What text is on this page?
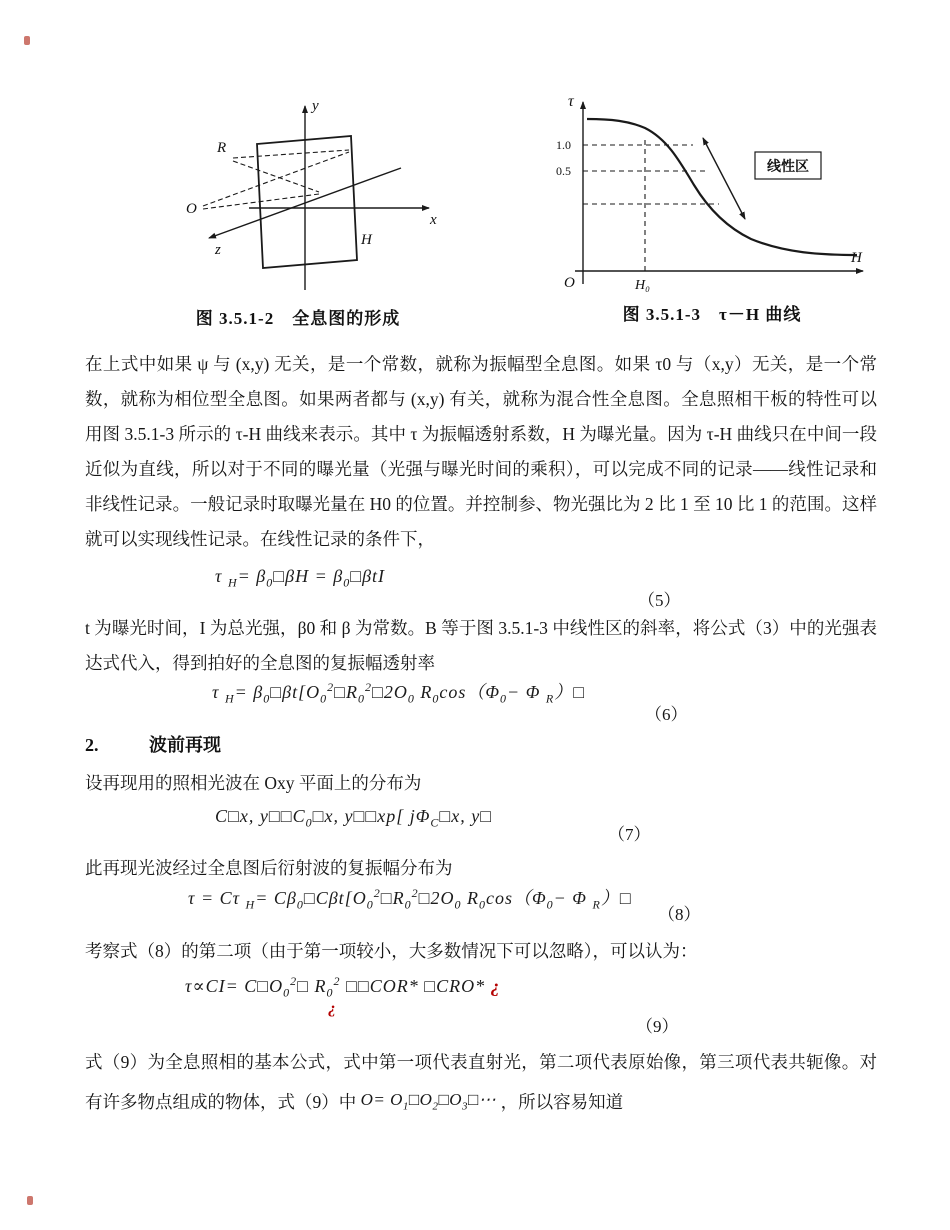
y
x
z
R
O
H
图 3.5.1-2　全息图的形成
τ
H
O	H₀
1.0
0.5	线性区
图 3.5.1-3　τ－H 曲线
在上式中如果 ψ 与 (x,y) 无关，是一个常数，就称为振幅型全息图。如果 τ0 与（x,y）无关，是一个常数，就称为相位型全息图。如果两者都与 (x,y) 有关，就称为混合性全息图。全息照相干板的特性可以用图 3.5.1-3 所示的 τ-H 曲线来表示。其中 τ 为振幅透射系数，H 为曝光量。因为 τ-H 曲线只在中间一段近似为直线，所以对于不同的曝光量（光强与曝光时间的乘积），可以完成不同的记录——线性记录和非线性记录。一般记录时取曝光量在 H0 的位置。并控制参、物光强比为 2 比 1 至 10 比 1 的范围。这样就可以实现线性记录。在线性记录的条件下，
τ $_H= \beta_0□\beta H$ = $\beta_0□\beta tI$
（5）
t 为曝光时间，I 为总光强，β0 和 β 为常数。B 等于图 3.5.1-3 中线性区的斜率，将公式（3）中的光强表达式代入，得到拍好的全息图的复振幅透射率
τ $_H= \beta_0□\beta t[O_0^2□R_0^2□2O_0$ $R_0\cos(\Phi_0- \Phi$ $_R$）□
（6）
2.	波前再现
设再现用的照相光波在 Oxy 平面上的分布为
C□x, $y□□C_0□x$, y□□xp[ $j\Phi_C□x$, y□
（7）
此再现光波经过全息图后衍射波的复振幅分布为
τ = Cτ $_H= C\beta_0□C\beta t[O_0^2□R_0^2□2O_0$ $R_0\cos(\Phi_0- \Phi$ $_R$）□
（8）
考察式（8）的第二项（由于第一项较小，大多数情况下可以忽略），可以认为：
$\tau\propto CI= C□O_0^2□$ $R_0^2$ □□COR* □CRO* ¿
¿
（9）
式（9）为全息照相的基本公式，式中第一项代表直射光，第二项代表原始像，第三项代表共轭像。对有许多物点组成的物体，式（9）中 $O= O_1□O_2□O_3□\cdots$ ，所以容易知道
